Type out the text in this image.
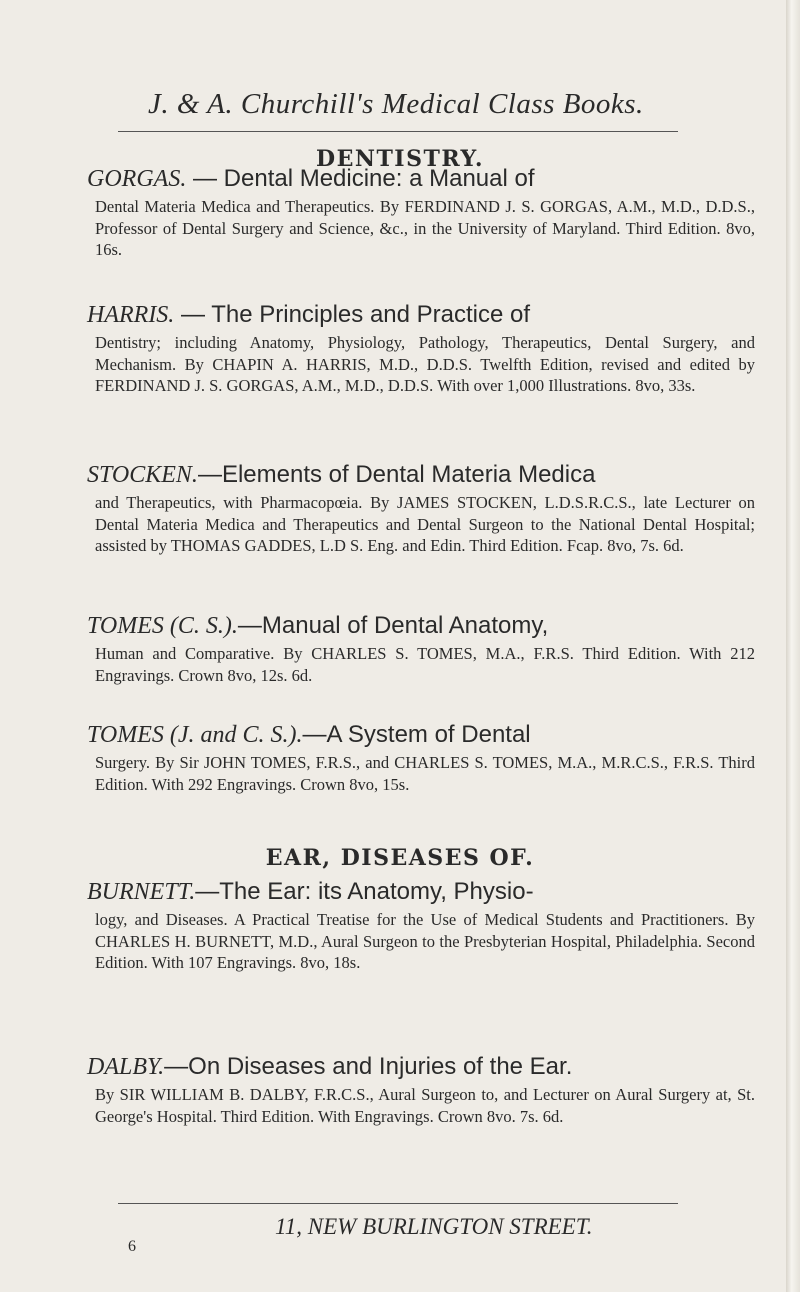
J. & A. Churchill's Medical Class Books.
DENTISTRY.
GORGAS. — Dental Medicine: a Manual of
Dental Materia Medica and Therapeutics. By FERDINAND J. S. GORGAS, A.M., M.D., D.D.S., Professor of Dental Surgery and Science, &c., in the University of Maryland. Third Edition. 8vo, 16s.
HARRIS. — The Principles and Practice of
Dentistry; including Anatomy, Physiology, Pathology, Therapeutics, Dental Surgery, and Mechanism. By CHAPIN A. HARRIS, M.D., D.D.S. Twelfth Edition, revised and edited by FERDINAND J. S. GORGAS, A.M., M.D., D.D.S. With over 1,000 Illustrations. 8vo, 33s.
STOCKEN.—Elements of Dental Materia Medica
and Therapeutics, with Pharmacopœia. By JAMES STOCKEN, L.D.S.R.C.S., late Lecturer on Dental Materia Medica and Therapeutics and Dental Surgeon to the National Dental Hospital; assisted by THOMAS GADDES, L.D S. Eng. and Edin. Third Edition. Fcap. 8vo, 7s. 6d.
TOMES (C. S.).—Manual of Dental Anatomy,
Human and Comparative. By CHARLES S. TOMES, M.A., F.R.S. Third Edition. With 212 Engravings. Crown 8vo, 12s. 6d.
TOMES (J. and C. S.).—A System of Dental
Surgery. By Sir JOHN TOMES, F.R.S., and CHARLES S. TOMES, M.A., M.R.C.S., F.R.S. Third Edition. With 292 Engravings. Crown 8vo, 15s.
EAR, DISEASES OF.
BURNETT.—The Ear: its Anatomy, Physio-
logy, and Diseases. A Practical Treatise for the Use of Medical Students and Practitioners. By CHARLES H. BURNETT, M.D., Aural Surgeon to the Presbyterian Hospital, Philadelphia. Second Edition. With 107 Engravings. 8vo, 18s.
DALBY.—On Diseases and Injuries of the Ear.
By SIR WILLIAM B. DALBY, F.R.C.S., Aural Surgeon to, and Lecturer on Aural Surgery at, St. George's Hospital. Third Edition. With Engravings. Crown 8vo. 7s. 6d.
11, NEW BURLINGTON STREET.
6
